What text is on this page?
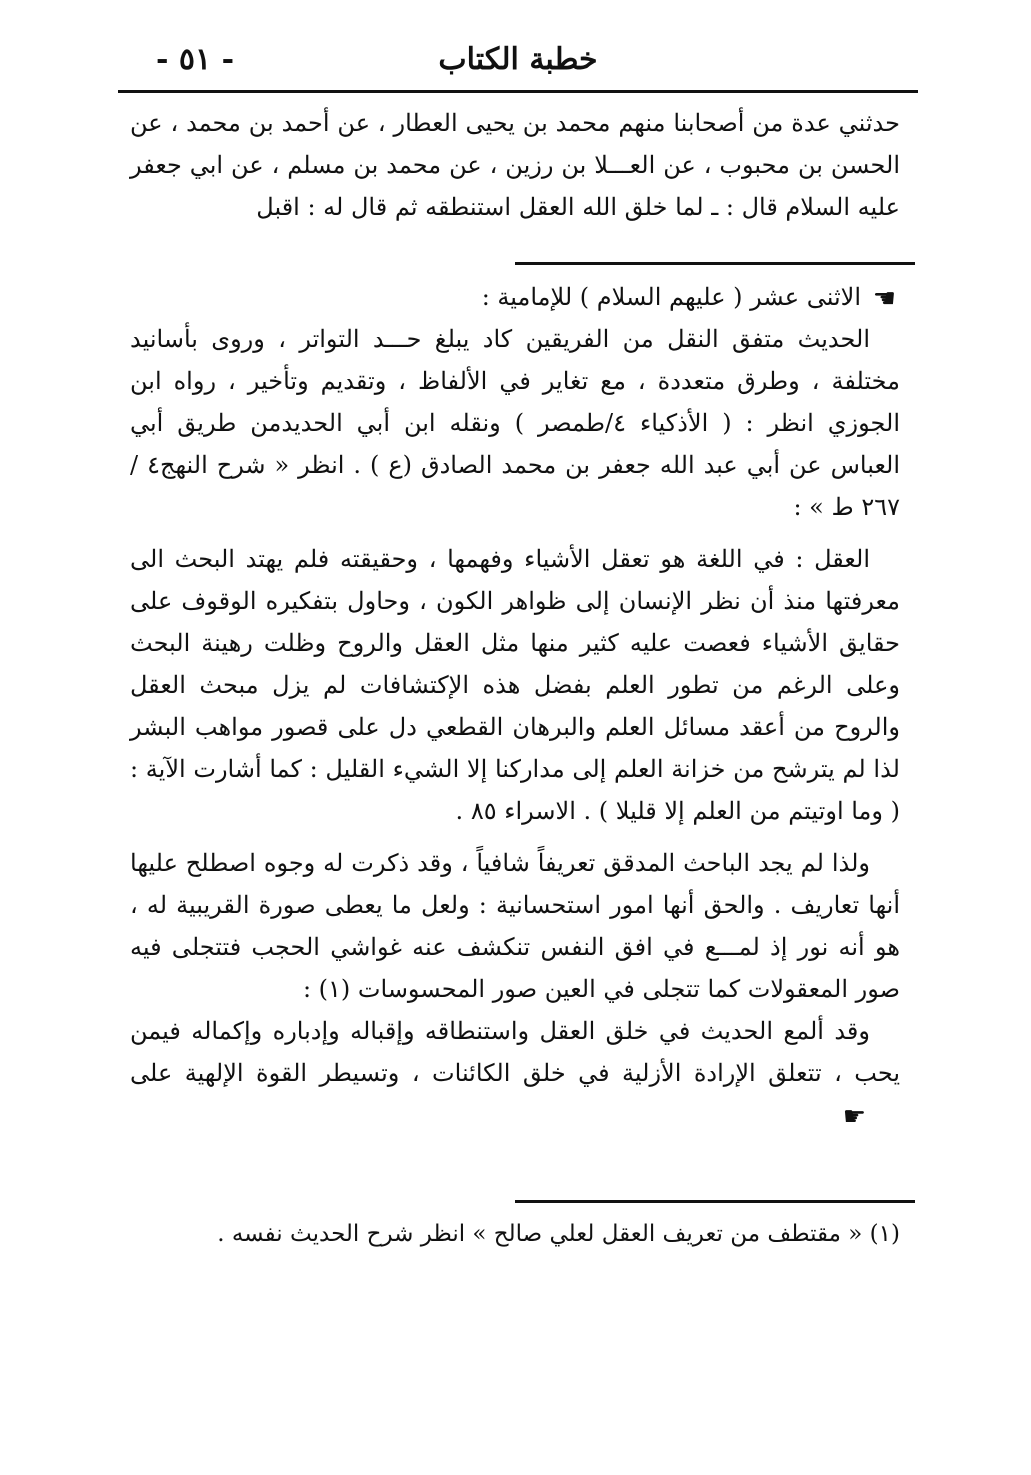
خطبة الكتاب
- ٥١ -

حدثني عدة من أصحابنا منهم محمد بن يحيى العطار ، عن أحمد بن محمد ، عن الحسن بن محبوب ، عن العـــلا بن رزين ، عن محمد بن مسلم ، عن ابي جعفر عليه السلام قال : ـ لما خلق الله العقل استنطقه ثم قال له : اقبل

☚ الاثنى عشر ( عليهم السلام ) للإمامية :

الحديث متفق النقل من الفريقين كاد يبلغ حـــد التواتر ، وروى بأسانيد مختلفة ، وطرق متعددة ، مع تغاير في الألفاظ ، وتقديم وتأخير ، رواه ابن الجوزي انظر : ( الأذكياء ٤/طمصر ) ونقله ابن أبي الحديدمن طريق أبي العباس عن أبي عبد الله جعفر بن محمد الصادق (ع ) . انظر « شرح النهج٤ / ٢٦٧ ط » :

العقل : في اللغة هو تعقل الأشياء وفهمها ، وحقيقته فلم يهتد البحث الى معرفتها منذ أن نظر الإنسان إلى ظواهر الكون ، وحاول بتفكيره الوقوف على حقايق الأشياء فعصت عليه كثير منها مثل العقل والروح وظلت رهينة البحث وعلى الرغم من تطور العلم بفضل هذه الإكتشافات لم يزل مبحث العقل والروح من أعقد مسائل العلم والبرهان القطعي دل على قصور مواهب البشر لذا لم يترشح من خزانة العلم إلى مداركنا إلا الشيء القليل : كما أشارت الآية : ( وما اوتيتم من العلم إلا قليلا ) . الاسراء ٨٥ .

ولذا لم يجد الباحث المدقق تعريفاً شافياً ، وقد ذكرت له وجوه اصطلح عليها أنها تعاريف . والحق أنها امور استحسانية : ولعل ما يعطى صورة القريبية له ، هو أنه نور إذ لمـــع في افق النفس تنكشف عنه غواشي الحجب فتتجلى فيه صور المعقولات كما تتجلى في العين صور المحسوسات (١) :

وقد ألمع الحديث في خلق العقل واستنطاقه وإقباله وإدباره وإكماله فيمن يحب ، تتعلق الإرادة الأزلية في خلق الكائنات ، وتسيطر القوة الإلهية على ☛

(١) « مقتطف من تعريف العقل لعلي صالح » انظر شرح الحديث نفسه .
